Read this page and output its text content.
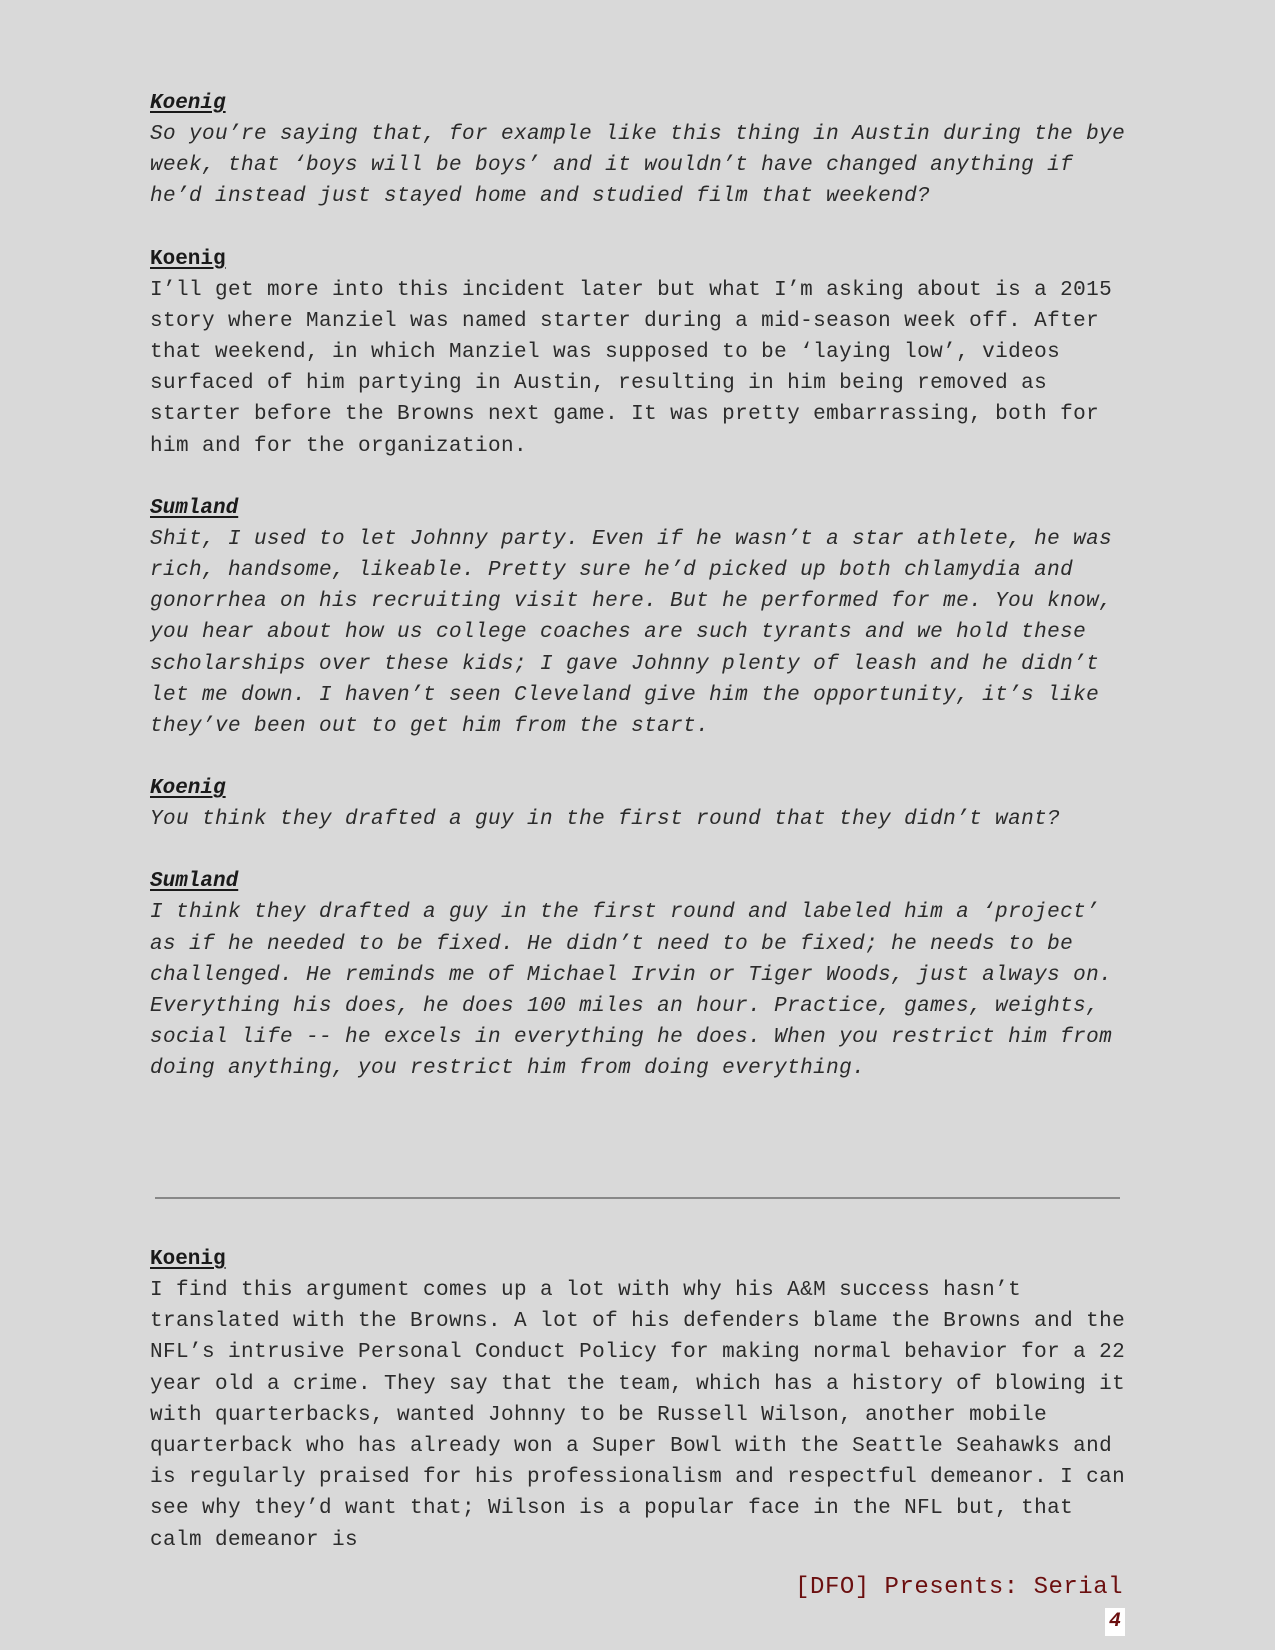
Koenig

So you’re saying that, for example like this thing in Austin during the bye week, that ‘boys will be boys’ and it wouldn’t have changed anything if he’d instead just stayed home and studied film that weekend?

Koenig

I’ll get more into this incident later but what I’m asking about is a 2015 story where Manziel was named starter during a mid-season week off. After that weekend, in which Manziel was supposed to be ‘laying low’, videos surfaced of him partying in Austin, resulting in him being removed as starter before the Browns next game. It was pretty embarrassing, both for him and for the organization.

Sumland

Shit, I used to let Johnny party. Even if he wasn’t a star athlete, he was rich, handsome, likeable. Pretty sure he’d picked up both chlamydia and gonorrhea on his recruiting visit here. But he performed for me. You know, you hear about how us college coaches are such tyrants and we hold these scholarships over these kids; I gave Johnny plenty of leash and he didn’t let me down. I haven’t seen Cleveland give him the opportunity, it’s like they’ve been out to get him from the start.

Koenig

You think they drafted a guy in the first round that they didn’t want?

Sumland

I think they drafted a guy in the first round and labeled him a ‘project’ as if he needed to be fixed. He didn’t need to be fixed; he needs to be challenged. He reminds me of Michael Irvin or Tiger Woods, just always on. Everything his does, he does 100 miles an hour. Practice, games, weights, social life -- he excels in everything he does. When you restrict him from doing anything, you restrict him from doing everything.

Koenig

I find this argument comes up a lot with why his A&M success hasn’t translated with the Browns. A lot of his defenders blame the Browns and the NFL’s intrusive Personal Conduct Policy for making normal behavior for a 22 year old a crime. They say that the team, which has a history of blowing it with quarterbacks, wanted Johnny to be Russell Wilson, another mobile quarterback who has already won a Super Bowl with the Seattle Seahawks and is regularly praised for his professionalism and respectful demeanor. I can see why they’d want that; Wilson is a popular face in the NFL but, that calm demeanor is

[DFO] Presents: Serial
4
